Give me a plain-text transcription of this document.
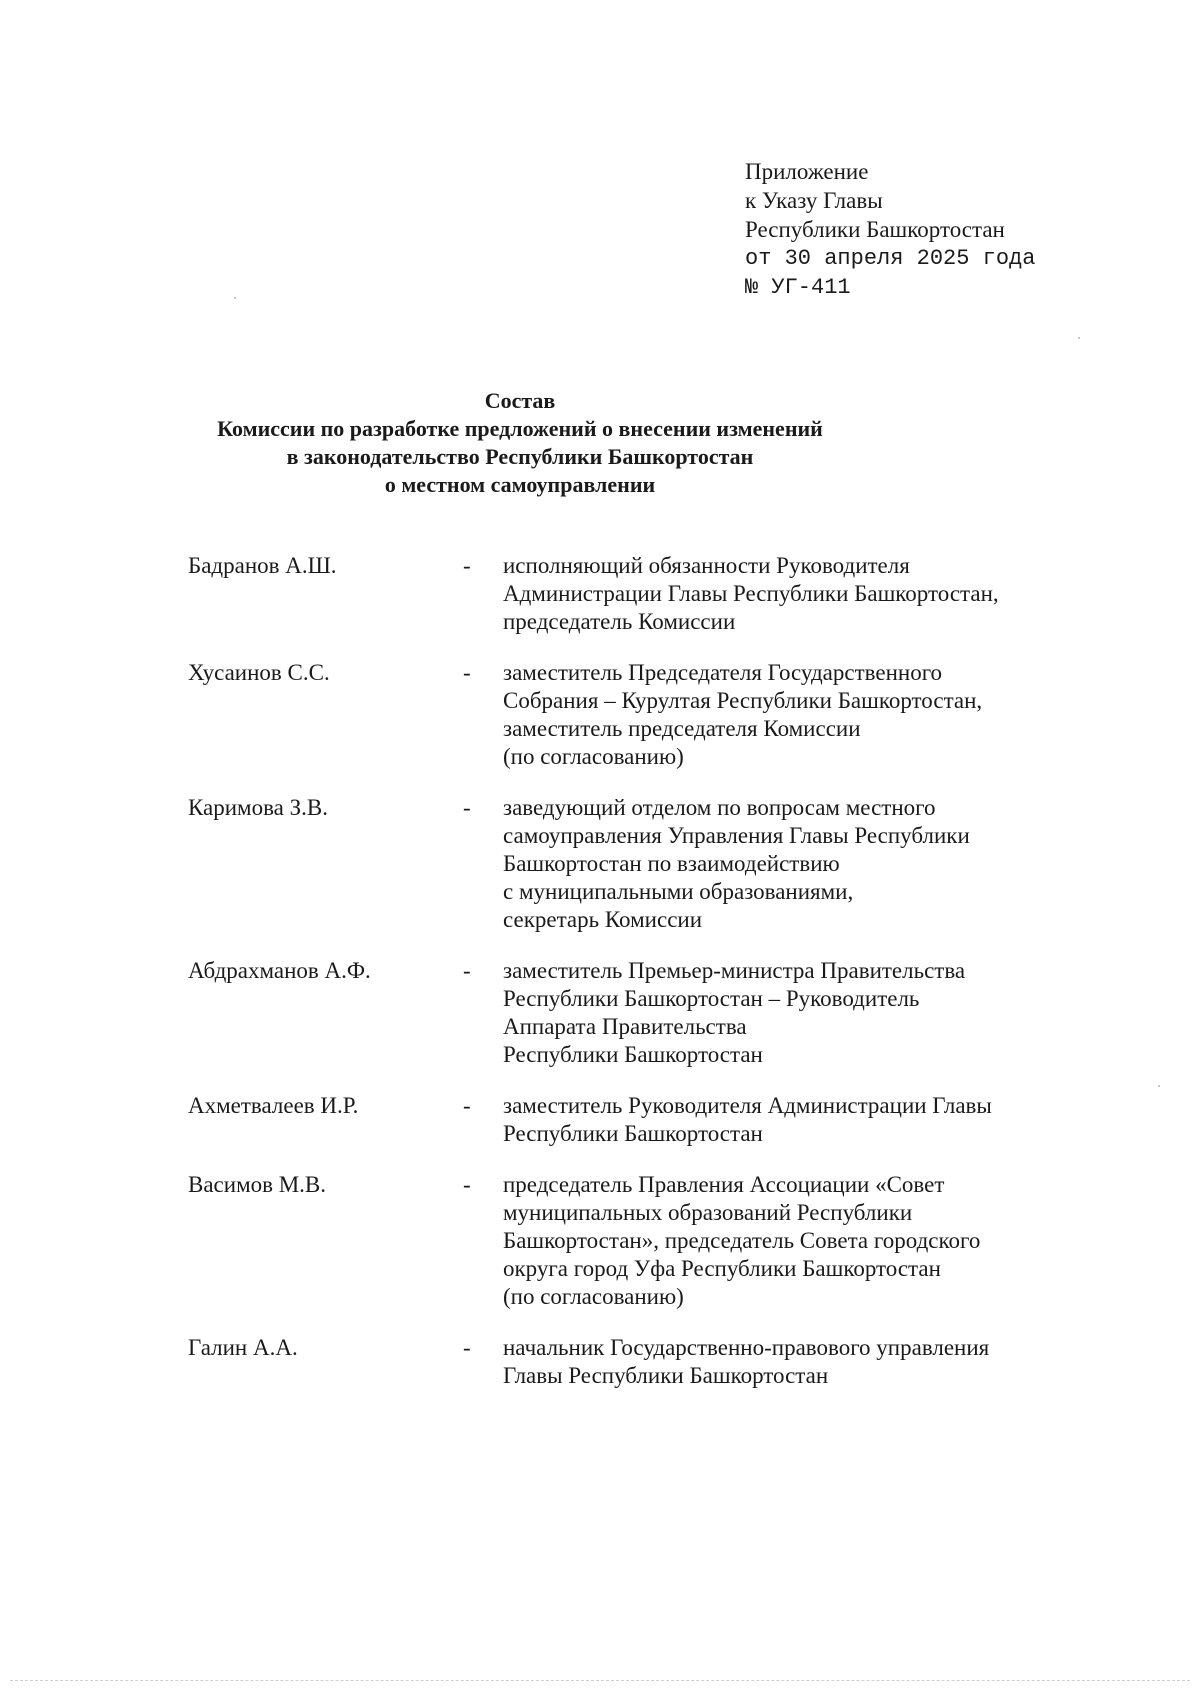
Приложение
к Указу Главы
Республики Башкортостан
от 30 апреля 2025 года
№ УГ-411
Состав
Комиссии по разработке предложений о внесении изменений
в законодательство Республики Башкортостан
о местном самоуправлении
Бадранов А.Ш.	-	исполняющий обязанности Руководителя
Администрации Главы Республики Башкортостан,
председатель Комиссии
Хусаинов С.С.	-	заместитель Председателя Государственного
Собрания – Курултая Республики Башкортостан,
заместитель председателя Комиссии
(по согласованию)
Каримова З.В.	-	заведующий отделом по вопросам местного
самоуправления Управления Главы Республики
Башкортостан по взаимодействию
с муниципальными образованиями,
секретарь Комиссии
Абдрахманов А.Ф.	-	заместитель Премьер-министра Правительства
Республики Башкортостан – Руководитель
Аппарата Правительства
Республики Башкортостан
Ахметвалеев И.Р.	-	заместитель Руководителя Администрации Главы
Республики Башкортостан
Васимов М.В.	-	председатель Правления Ассоциации «Совет
муниципальных образований Республики
Башкортостан», председатель Совета городского
округа город Уфа Республики Башкортостан
(по согласованию)
Галин А.А.	-	начальник Государственно-правового управления
Главы Республики Башкортостан
